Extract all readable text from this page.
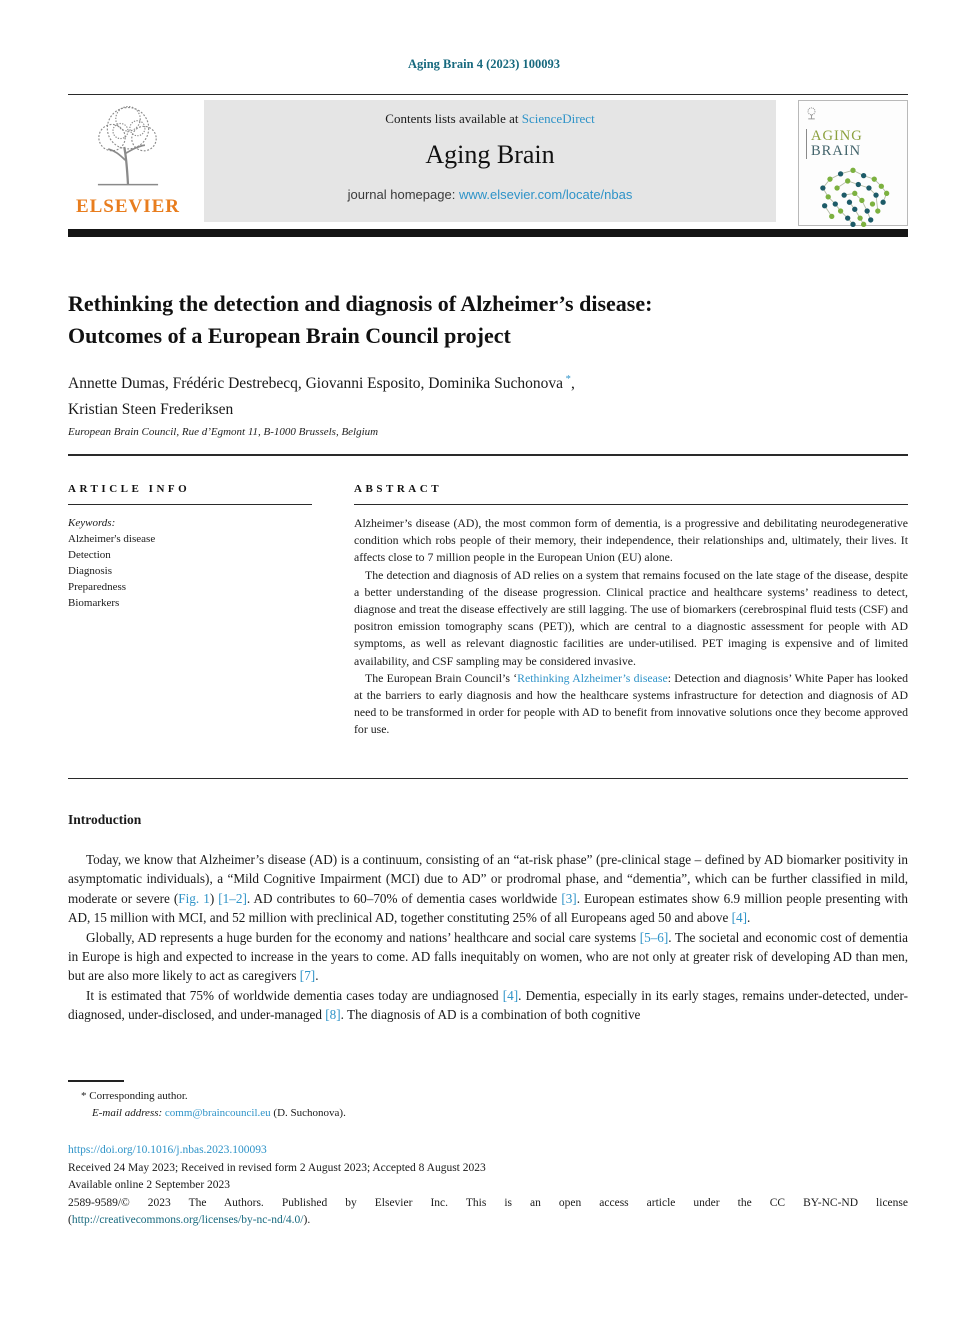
Aging Brain 4 (2023) 100093
ELSEVIER
Contents lists available at ScienceDirect
Aging Brain
journal homepage: www.elsevier.com/locate/nbas
AGING
BRAIN
Rethinking the detection and diagnosis of Alzheimer’s disease:
Outcomes of a European Brain Council project
Annette Dumas, Frédéric Destrebecq, Giovanni Esposito, Dominika Suchonova *,
Kristian Steen Frederiksen
European Brain Council, Rue d’Egmont 11, B-1000 Brussels, Belgium
ARTICLE INFO
Keywords:
Alzheimer's disease
Detection
Diagnosis
Preparedness
Biomarkers
ABSTRACT

Alzheimer’s disease (AD), the most common form of dementia, is a progressive and debilitating neurodegenerative condition which robs people of their memory, their independence, their relationships and, ultimately, their lives. It affects close to 7 million people in the European Union (EU) alone.

The detection and diagnosis of AD relies on a system that remains focused on the late stage of the disease, despite a better understanding of the disease progression. Clinical practice and healthcare systems’ readiness to detect, diagnose and treat the disease effectively are still lagging. The use of biomarkers (cerebrospinal fluid tests (CSF) and positron emission tomography scans (PET)), which are central to a diagnostic assessment for people with AD symptoms, as well as relevant diagnostic facilities are under-utilised. PET imaging is expensive and of limited availability, and CSF sampling may be considered invasive.

The European Brain Council’s ‘Rethinking Alzheimer’s disease: Detection and diagnosis’ White Paper has looked at the barriers to early diagnosis and how the healthcare systems infrastructure for detection and diagnosis of AD need to be transformed in order for people with AD to benefit from innovative solutions once they become approved for use.

Introduction

Today, we know that Alzheimer’s disease (AD) is a continuum, consisting of an “at-risk phase” (pre-clinical stage – defined by AD biomarker positivity in asymptomatic individuals), a “Mild Cognitive Impairment (MCI) due to AD” or prodromal phase, and “dementia”, which can be further classified in mild, moderate or severe (Fig. 1) [1–2]. AD contributes to 60–70% of dementia cases worldwide [3]. European estimates show 6.9 million people presenting with AD, 15 million with MCI, and 52 million with preclinical AD, together constituting 25% of all Europeans aged 50 and above [4].

Globally, AD represents a huge burden for the economy and nations’ healthcare and social care systems [5–6]. The societal and economic cost of dementia in Europe is high and expected to increase in the years to come. AD falls inequitably on women, who are not only at greater risk of developing AD than men, but are also more likely to act as caregivers [7].

It is estimated that 75% of worldwide dementia cases today are undiagnosed [4]. Dementia, especially in its early stages, remains under-detected, under-diagnosed, under-disclosed, and under-managed [8]. The diagnosis of AD is a combination of both cognitive

* Corresponding author.
E-mail address: comm@braincouncil.eu (D. Suchonova).
https://doi.org/10.1016/j.nbas.2023.100093
Received 24 May 2023; Received in revised form 2 August 2023; Accepted 8 August 2023
Available online 2 September 2023
2589-9589/© 2023 The Authors. Published by Elsevier Inc. This is an open access article under the CC BY-NC-ND license
(http://creativecommons.org/licenses/by-nc-nd/4.0/).
